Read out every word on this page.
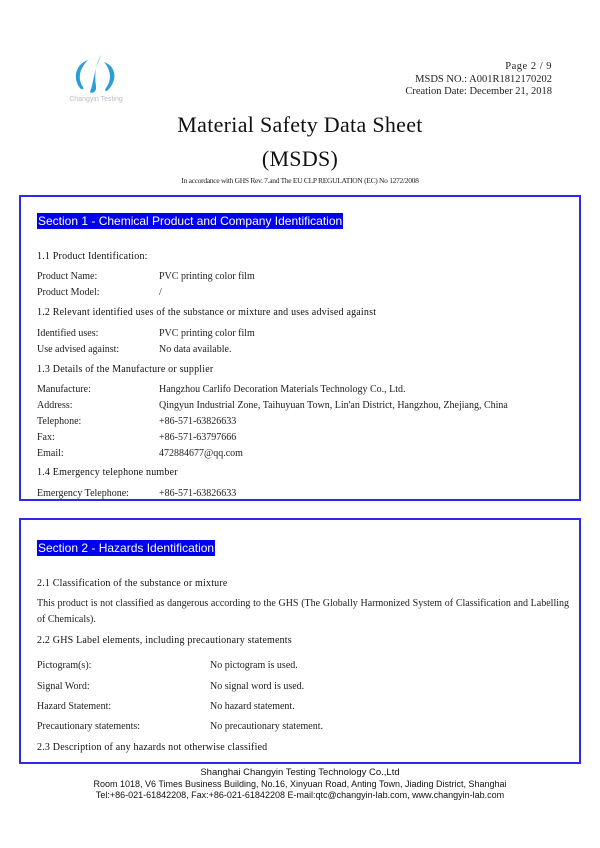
Changyin Testing
Page 2 / 9
MSDS NO.: A001R1812170202
Creation Date: December 21, 2018
Material Safety Data Sheet
(MSDS)
In accordance with GHS Rev. 7.and The EU CLP REGULATION (EC) No 1272/2008
Section 1 - Chemical Product and Company Identification
1.1 Product Identification:
Product Name:	PVC printing color film
Product Model:	/
1.2 Relevant identified uses of the substance or mixture and uses advised against
Identified uses:	PVC printing color film
Use advised against:	No data available.
1.3 Details of the Manufacture or supplier
Manufacture:	Hangzhou Carlifo Decoration Materials Technology Co., Ltd.
Address:	Qingyun Industrial Zone, Taihuyuan Town, Lin'an District, Hangzhou, Zhejiang, China
Telephone:	+86-571-63826633
Fax:	+86-571-63797666
Email:	472884677@qq.com
1.4 Emergency telephone number
Emergency Telephone:	+86-571-63826633
Section 2 - Hazards Identification
2.1 Classification of the substance or mixture
This product is not classified as dangerous according to the GHS (The Globally Harmonized System of Classification and Labelling of Chemicals).
2.2 GHS Label elements, including precautionary statements
Pictogram(s):	No pictogram is used.
Signal Word:	No signal word is used.
Hazard Statement:	No hazard statement.
Precautionary statements:	No precautionary statement.
2.3 Description of any hazards not otherwise classified
Shanghai Changyin Testing Technology Co.,Ltd
Room 1018, V6 Times Business Building, No.16, Xinyuan Road, Anting Town, Jiading District, Shanghai
Tel:+86-021-61842208, Fax:+86-021-61842208 E-mail:qtc@changyin-lab.com, www.changyin-lab.com
